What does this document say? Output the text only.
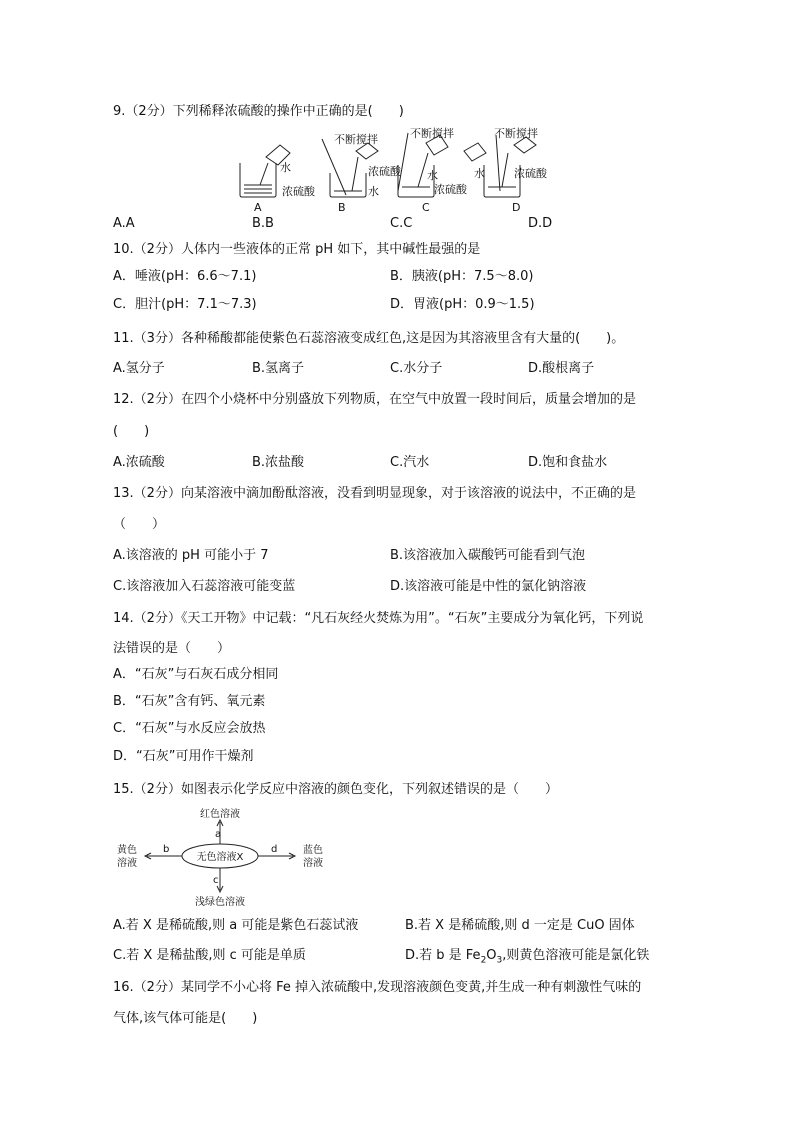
9.（2分）下列稀释浓硫酸的操作中正确的是(　　)
水
浓硫酸
A
不断搅拌
浓硫酸
水
B
不断搅拌
水
浓硫酸
C
不断搅拌
水	浓硫酸
D
A.A	B.B	C.C	D.D
10.（2分）人体内一些液体的正常 pH 如下，其中碱性最强的是
A．唾液(pH：6.6～7.1)	B．胰液(pH：7.5～8.0)
C．胆汁(pH：7.1～7.3)	D．胃液(pH：0.9～1.5)
11.（3分）各种稀酸都能使紫色石蕊溶液变成红色,这是因为其溶液里含有大量的(　　)。
A.氢分子	B.氢离子	C.水分子	D.酸根离子
12.（2分）在四个小烧杯中分别盛放下列物质，在空气中放置一段时间后，质量会增加的是
(　　)
A.浓硫酸	B.浓盐酸	C.汽水	D.饱和食盐水
13.（2分）向某溶液中滴加酚酞溶液，没看到明显现象，对于该溶液的说法中，不正确的是
（　　）
A.该溶液的 pH 可能小于 7	B.该溶液加入碳酸钙可能看到气泡
C.该溶液加入石蕊溶液可能变蓝	D.该溶液可能是中性的氯化钠溶液
14.（2分）《天工开物》中记载：“凡石灰经火焚炼为用”。“石灰”主要成分为氧化钙，下列说
法错误的是（　　）
A．“石灰”与石灰石成分相同
B．“石灰”含有钙、氧元素
C．“石灰”与水反应会放热
D．“石灰”可用作干燥剂
15.（2分）如图表示化学反应中溶液的颜色变化，下列叙述错误的是（　　）
无色溶液X
红色溶液
a
黄色
溶液
b	蓝色
溶液
d
c
浅绿色溶液
A.若 X 是稀硫酸,则 a 可能是紫色石蕊试液	B.若 X 是稀硫酸,则 d 一定是 CuO 固体
C.若 X 是稀盐酸,则 c 可能是单质	D.若 b 是 $Fe_2O_3$,则黄色溶液可能是氯化铁
16.（2分）某同学不小心将 Fe 掉入浓硫酸中,发现溶液颜色变黄,并生成一种有刺激性气味的
气体,该气体可能是(　　)
